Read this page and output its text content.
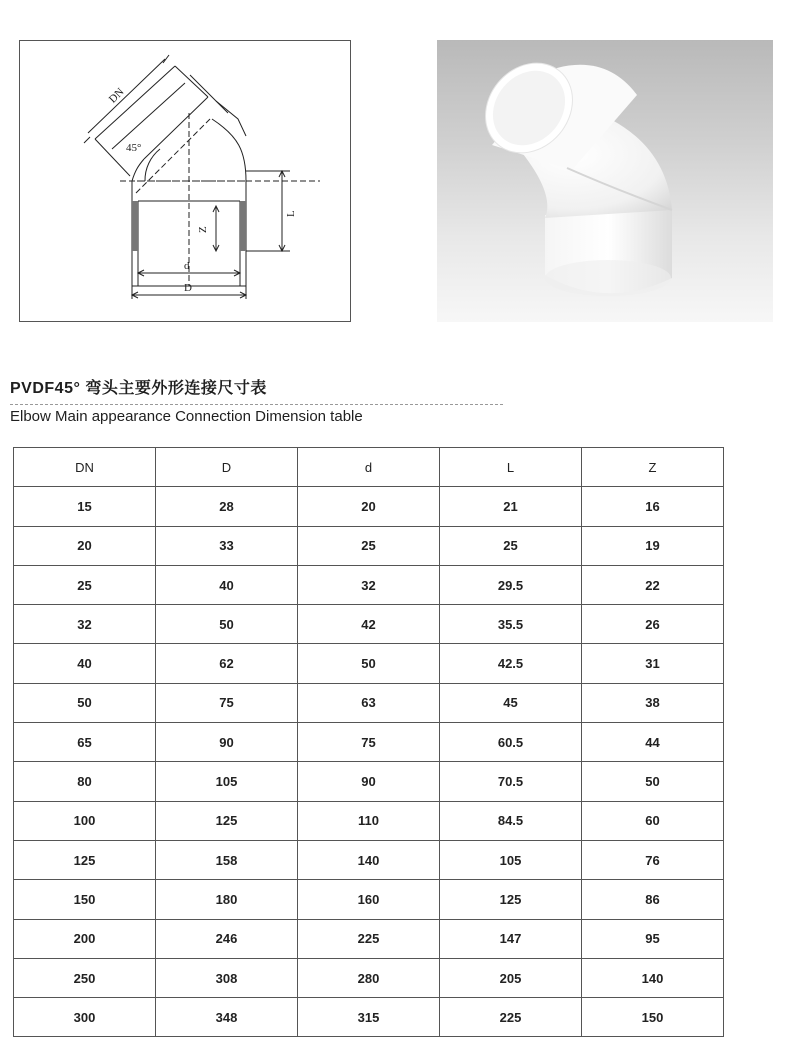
DN
45°
L
Z
d
D
PVDF45° 弯头主要外形连接尺寸表
Elbow Main appearance Connection Dimension table
DN	D	d	L	Z
15	28	20	21	16
20	33	25	25	19
25	40	32	29.5	22
32	50	42	35.5	26
40	62	50	42.5	31
50	75	63	45	38
65	90	75	60.5	44
80	105	90	70.5	50
100	125	110	84.5	60
125	158	140	105	76
150	180	160	125	86
200	246	225	147	95
250	308	280	205	140
300	348	315	225	150
